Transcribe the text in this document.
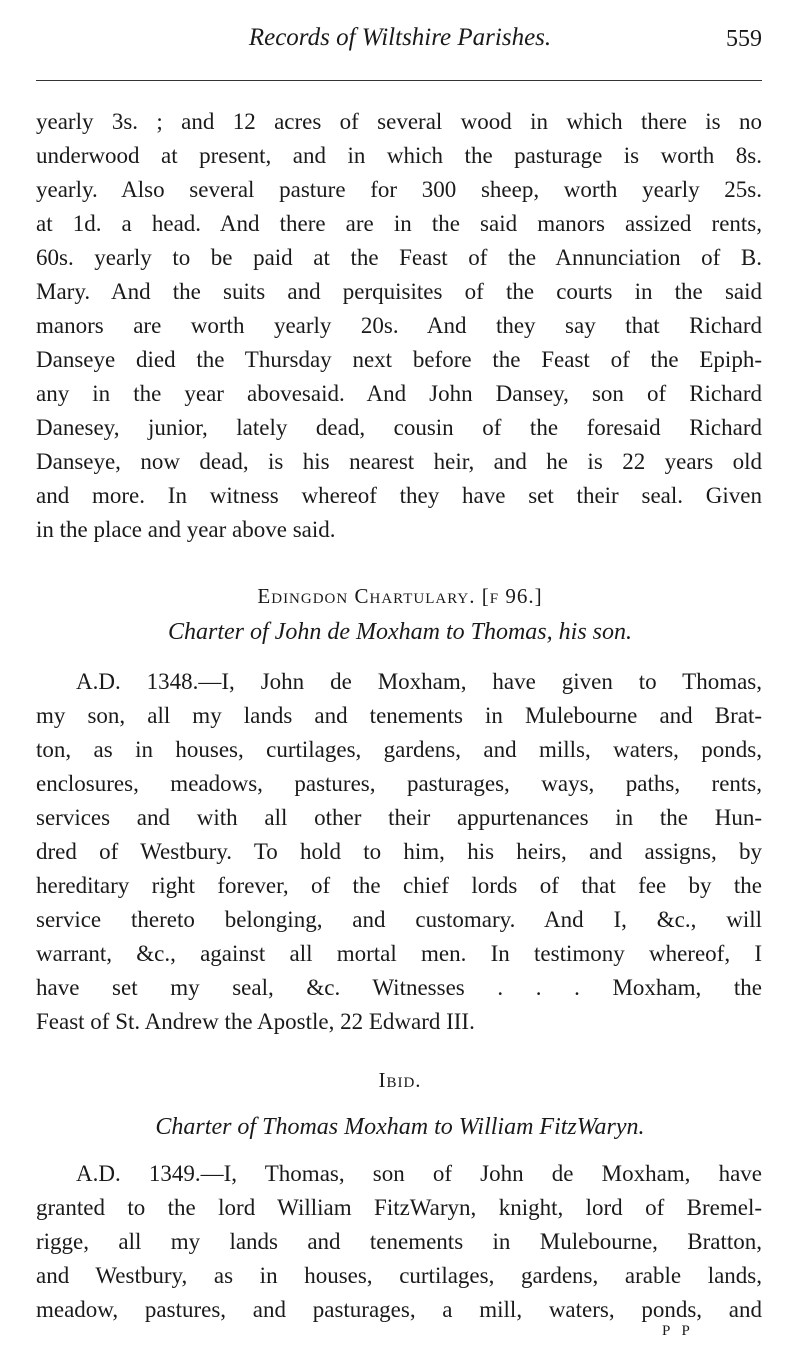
Records of Wiltshire Parishes.	559
yearly 3s. ; and 12 acres of several wood in which there is no
underwood at present, and in which the pasturage is worth 8s.
yearly. Also several pasture for 300 sheep, worth yearly 25s.
at 1d. a head. And there are in the said manors assized rents,
60s. yearly to be paid at the Feast of the Annunciation of B.
Mary. And the suits and perquisites of the courts in the said
manors are worth yearly 20s. And they say that Richard
Danseye died the Thursday next before the Feast of the Epiph-
any in the year abovesaid. And John Dansey, son of Richard
Danesey, junior, lately dead, cousin of the foresaid Richard
Danseye, now dead, is his nearest heir, and he is 22 years old
and more. In witness whereof they have set their seal. Given
in the place and year above said.
Edingdon Chartulary. [f 96.]
Charter of John de Moxham to Thomas, his son.
A.D. 1348.—I, John de Moxham, have given to Thomas,
my son, all my lands and tenements in Mulebourne and Brat-
ton, as in houses, curtilages, gardens, and mills, waters, ponds,
enclosures, meadows, pastures, pasturages, ways, paths, rents,
services and with all other their appurtenances in the Hun-
dred of Westbury. To hold to him, his heirs, and assigns, by
hereditary right forever, of the chief lords of that fee by the
service thereto belonging, and customary. And I, &c., will
warrant, &c., against all mortal men. In testimony whereof, I
have set my seal, &c. Witnesses . . . Moxham, the
Feast of St. Andrew the Apostle, 22 Edward III.
Ibid.
Charter of Thomas Moxham to William FitzWaryn.
A.D. 1349.—I, Thomas, son of John de Moxham, have
granted to the lord William FitzWaryn, knight, lord of Bremel-
rigge, all my lands and tenements in Mulebourne, Bratton,
and Westbury, as in houses, curtilages, gardens, arable lands,
meadow, pastures, and pasturages, a mill, waters, ponds, and
P P
